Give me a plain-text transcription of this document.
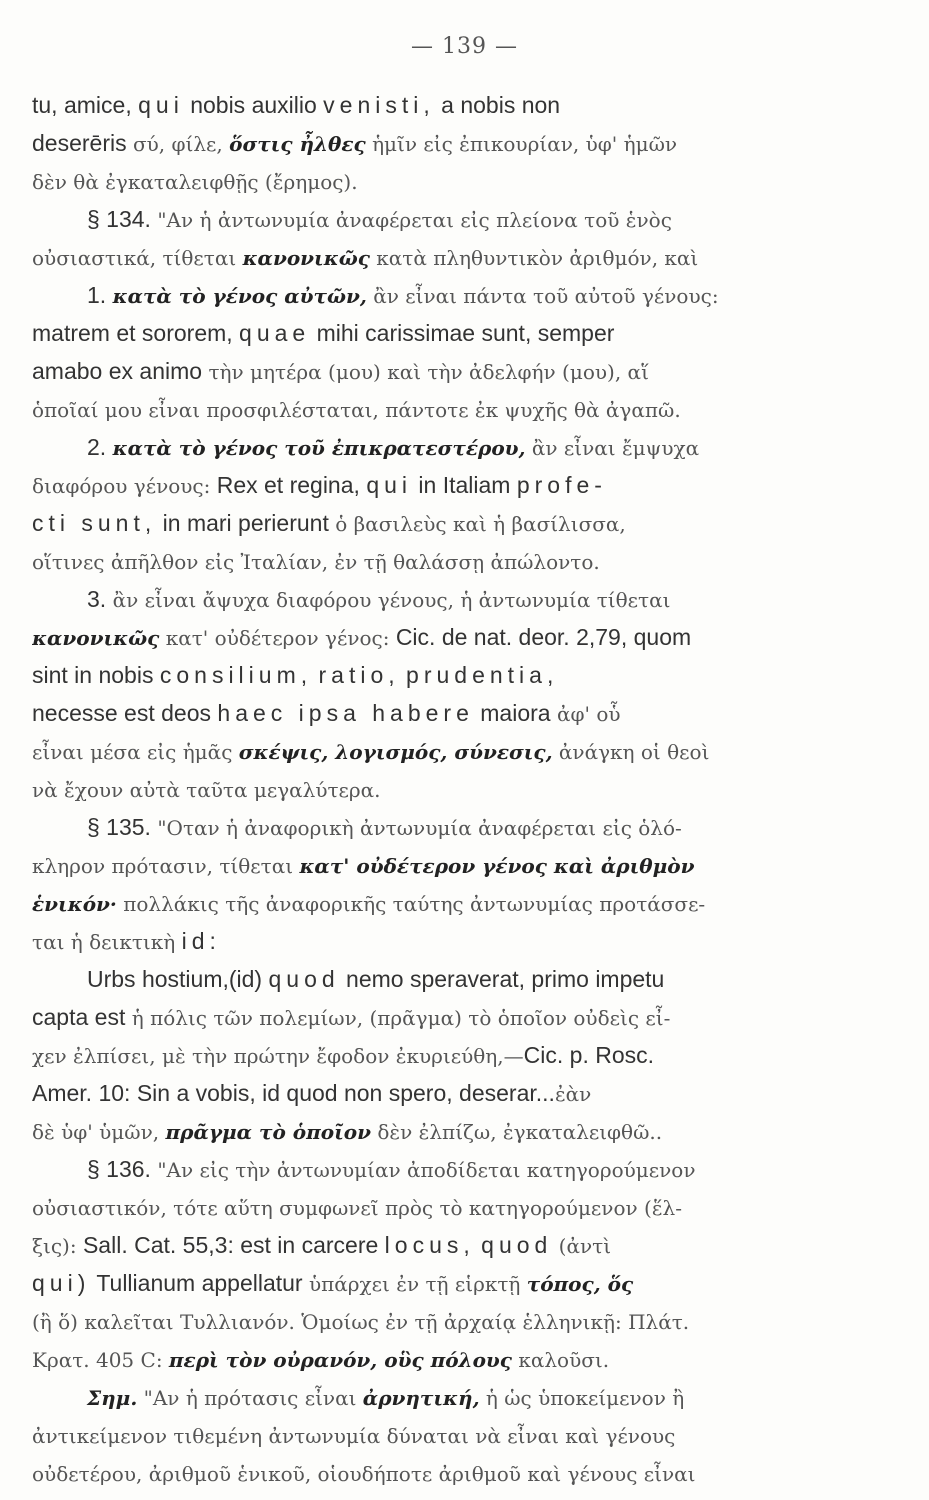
— 139 —
tu, amice, qui nobis auxilio venisti, a nobis non
deserēris σύ, φίλε, ὅστις ἦλθες ἡμῖν εἰς ἐπικουρίαν, ὑφ' ἡμῶν
δὲν θὰ ἐγκαταλειφθῇς (ἔρημος).
§ 134. "Αν ἡ ἀντωνυμία ἀναφέρεται εἰς πλείονα τοῦ ἑνὸς
οὐσιαστικά, τίθεται κανονικῶς κατὰ πληθυντικὸν ἀριθμόν, καὶ
1. κατὰ τὸ γένος αὐτῶν, ἂν εἶναι πάντα τοῦ αὐτοῦ γένους:
matrem et sororem, quae mihi carissimae sunt, semper
amabo ex animo τὴν μητέρα (μου) καὶ τὴν ἀδελφήν (μου), αἵ
ὁποῖαί μου εἶναι προσφιλέσταται, πάντοτε ἐκ ψυχῆς θὰ ἀγαπῶ.
2. κατὰ τὸ γένος τοῦ ἐπικρατεστέρου, ἂν εἶναι ἔμψυχα
διαφόρου γένους: Rex et regina, qui in Italiam profe-
cti sunt, in mari perierunt ὁ βασιλεὺς καὶ ἡ βασίλισσα,
οἵτινες ἀπῆλθον εἰς Ἰταλίαν, ἐν τῇ θαλάσσῃ ἀπώλοντο.
3. ἂν εἶναι ἄψυχα διαφόρου γένους, ἡ ἀντωνυμία τίθεται
κανονικῶς κατ' οὐδέτερον γένος: Cic. de nat. deor. 2,79, quom
sint in nobis consilium, ratio, prudentia,
necesse est deos haec ipsa habere maiora ἀφ' οὗ
εἶναι μέσα εἰς ἡμᾶς σκέψις, λογισμός, σύνεσις, ἀνάγκη οἱ θεοὶ
νὰ ἔχουν αὐτὰ ταῦτα μεγαλύτερα.
§ 135. "Οταν ἡ ἀναφορικὴ ἀντωνυμία ἀναφέρεται εἰς ὁλό-
κληρον πρότασιν, τίθεται κατ' οὐδέτερον γένος καὶ ἀριθμὸν
ἑνικόν· πολλάκις τῆς ἀναφορικῆς ταύτης ἀντωνυμίας προτάσσε-
ται ἡ δεικτικὴ id:
Urbs hostium,(id) quod nemo speraverat, primo impetu
capta est ἡ πόλις τῶν πολεμίων, (πρᾶγμα) τὸ ὁποῖον οὐδεὶς εἶ-
χεν ἐλπίσει, μὲ τὴν πρώτην ἔφοδον ἐκυριεύθη,—Cic. p. Rosc.
Amer. 10: Sin a vobis, id quod non spero, deserar...ἐὰν
δὲ ὑφ' ὑμῶν, πρᾶγμα τὸ ὁποῖον δὲν ἐλπίζω, ἐγκαταλειφθῶ..
§ 136. "Αν εἰς τὴν ἀντωνυμίαν ἀποδίδεται κατηγορούμενον
οὐσιαστικόν, τότε αὕτη συμφωνεῖ πρὸς τὸ κατηγορούμενον (ἕλ-
ξις): Sall. Cat. 55,3: est in carcere locus, quod (ἀντὶ
qui) Tullianum appellatur ὑπάρχει ἐν τῇ εἱρκτῇ τόπος, ὅς
(ἢ ὅ) καλεῖται Τυλλιανόν. Ὁμοίως ἐν τῇ ἀρχαίᾳ ἑλληνικῇ: Πλάτ.
Κρατ. 405 C: περὶ τὸν οὐρανόν, οὓς πόλους καλοῦσι.
Σημ. "Αν ἡ πρότασις εἶναι ἀρνητική, ἡ ὡς ὑποκείμενον ἢ
ἀντικείμενον τιθεμένη ἀντωνυμία δύναται νὰ εἶναι καὶ γένους
οὐδετέρου, ἀριθμοῦ ἑνικοῦ, οἱουδήποτε ἀριθμοῦ καὶ γένους εἶναι
